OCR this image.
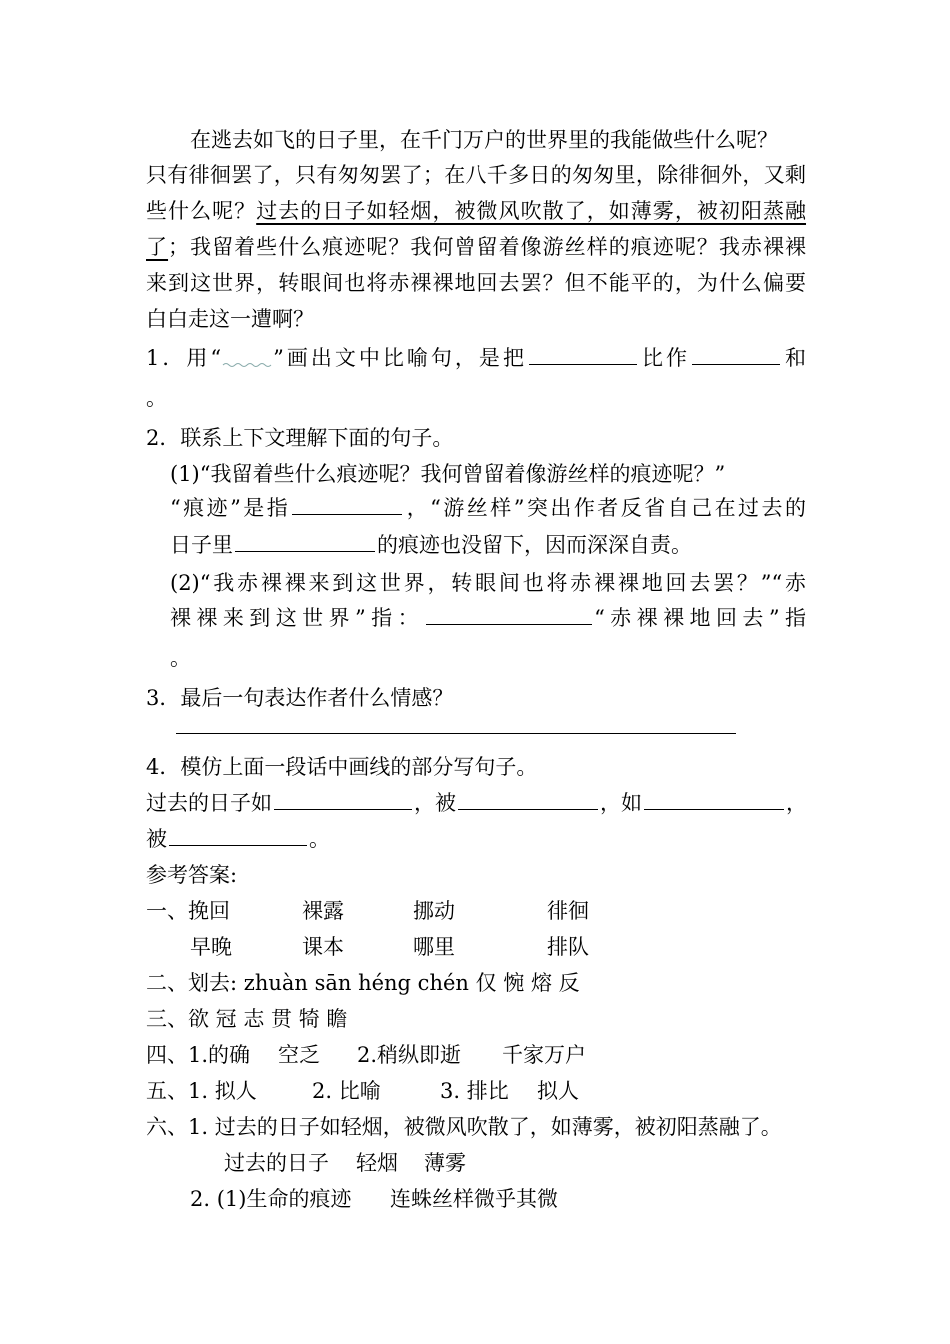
在逃去如飞的日子里，在千门万户的世界里的我能做些什么呢？
只有徘徊罢了，只有匆匆罢了；在八千多日的匆匆里，除徘徊外，又剩
些什么呢？过去的日子如轻烟，被微风吹散了，如薄雾，被初阳蒸融
了；我留着些什么痕迹呢？我何曾留着像游丝样的痕迹呢？我赤裸裸
来到这世界，转眼间也将赤裸裸地回去罢？但不能平的，为什么偏要
白白走这一遭啊？
1．用“ ”画出文中比喻句，是把	比作	和
。
2．联系上下文理解下面的句子。
(1)“我留着些什么痕迹呢？我何曾留着像游丝样的痕迹呢？”
“痕迹”是指	，“游丝样”突出作者反省自己在过去的
日子里	的痕迹也没留下，因而深深自责。
(2)“我赤裸裸来到这世界，转眼间也将赤裸裸地回去罢？”“赤
裸裸来到这世界”指：	“赤裸裸地回去”指
。
3．最后一句表达作者什么情感？
4．模仿上面一段话中画线的部分写句子。
过去的日子如	，被	，如	，
被	。
参考答案:
一、挽回	裸露	挪动	徘徊
早晚	课本	哪里	排队
二、划去: zhuàn sān héng chén 仅 惋 熔 反
三、欲 冠 志 贯 犄 瞻
四、1.的确 空乏 2.稍纵即逝 千家万户
五、1. 拟人	2. 比喻	3. 排比 拟人
六、1. 过去的日子如轻烟，被微风吹散了，如薄雾，被初阳蒸融了。
过去的日子 轻烟 薄雾
2. (1)生命的痕迹 连蛛丝样微乎其微
